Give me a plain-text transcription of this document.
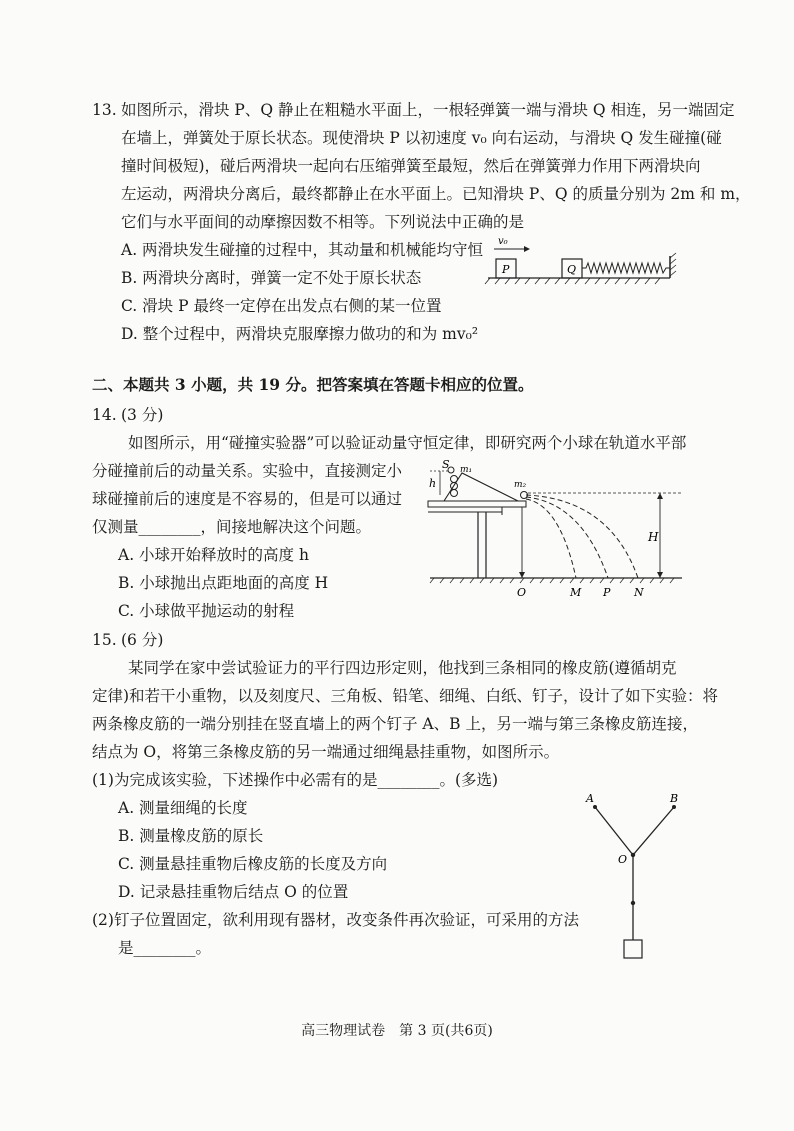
13. 如图所示，滑块 P、Q 静止在粗糙水平面上，一根轻弹簧一端与滑块 Q 相连，另一端固定
在墙上，弹簧处于原长状态。现使滑块 P 以初速度 v₀ 向右运动，与滑块 Q 发生碰撞(碰
撞时间极短)，碰后两滑块一起向右压缩弹簧至最短，然后在弹簧弹力作用下两滑块向
左运动，两滑块分离后，最终都静止在水平面上。已知滑块 P、Q 的质量分别为 2m 和 m，
它们与水平面间的动摩擦因数不相等。下列说法中正确的是
A. 两滑块发生碰撞的过程中，其动量和机械能均守恒
B. 两滑块分离时，弹簧一定不处于原长状态
C. 滑块 P 最终一定停在出发点右侧的某一位置
D. 整个过程中，两滑块克服摩擦力做功的和为 mv₀²
P	Q
v₀
二、本题共 3 小题，共 19 分。把答案填在答题卡相应的位置。
14. (3 分)
如图所示，用“碰撞实验器”可以验证动量守恒定律，即研究两个小球在轨道水平部
分碰撞前后的动量关系。实验中，直接测定小
球碰撞前后的速度是不容易的，但是可以通过
仅测量________，间接地解决这个问题。
A. 小球开始释放时的高度 h
B. 小球抛出点距地面的高度 H
C. 小球做平抛运动的射程
S m₁
h	m₂
H
O	M P N
15. (6 分)
某同学在家中尝试验证力的平行四边形定则，他找到三条相同的橡皮筋(遵循胡克
定律)和若干小重物，以及刻度尺、三角板、铅笔、细绳、白纸、钉子，设计了如下实验：将
两条橡皮筋的一端分别挂在竖直墙上的两个钉子 A、B 上，另一端与第三条橡皮筋连接，
结点为 O，将第三条橡皮筋的另一端通过细绳悬挂重物，如图所示。
(1)为完成该实验，下述操作中必需有的是________。(多选)
A. 测量细绳的长度
B. 测量橡皮筋的原长
C. 测量悬挂重物后橡皮筋的长度及方向
D. 记录悬挂重物后结点 O 的位置
(2)钉子位置固定，欲利用现有器材，改变条件再次验证，可采用的方法
是________。
A	B
O
高三物理试卷　第 3 页(共6页)
